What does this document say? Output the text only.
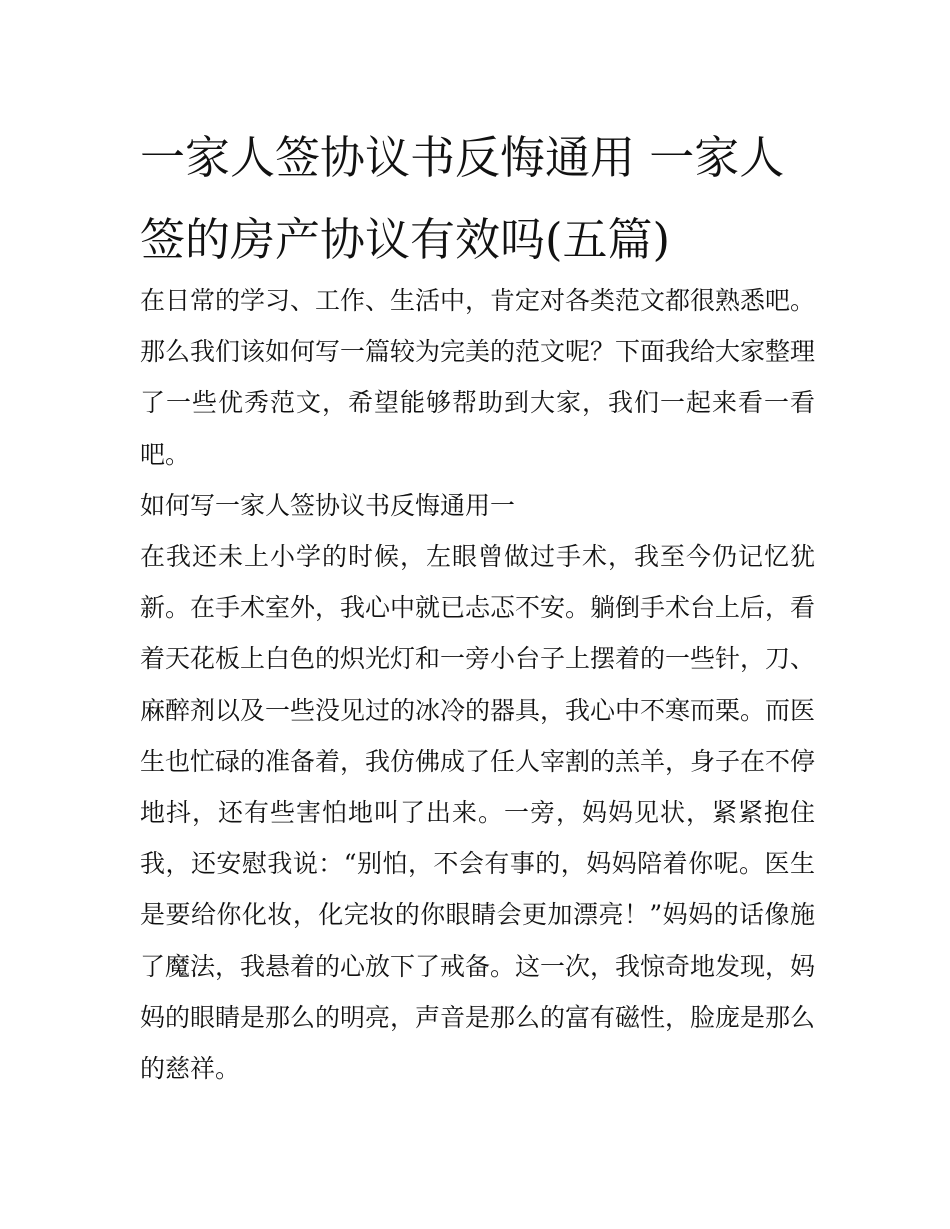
一家人签协议书反悔通用 一家人签的房产协议有效吗(五篇)

在日常的学习、工作、生活中，肯定对各类范文都很熟悉吧。那么我们该如何写一篇较为完美的范文呢？下面我给大家整理了一些优秀范文，希望能够帮助到大家，我们一起来看一看吧。

如何写一家人签协议书反悔通用一

在我还未上小学的时候，左眼曾做过手术，我至今仍记忆犹新。在手术室外，我心中就已忐忑不安。躺倒手术台上后，看着天花板上白色的炽光灯和一旁小台子上摆着的一些针，刀、麻醉剂以及一些没见过的冰冷的器具，我心中不寒而栗。而医生也忙碌的准备着，我仿佛成了任人宰割的羔羊，身子在不停地抖，还有些害怕地叫了出来。一旁，妈妈见状，紧紧抱住我，还安慰我说：“别怕，不会有事的，妈妈陪着你呢。医生是要给你化妆，化完妆的你眼睛会更加漂亮！”妈妈的话像施了魔法，我悬着的心放下了戒备。这一次，我惊奇地发现，妈妈的眼睛是那么的明亮，声音是那么的富有磁性，脸庞是那么的慈祥。
